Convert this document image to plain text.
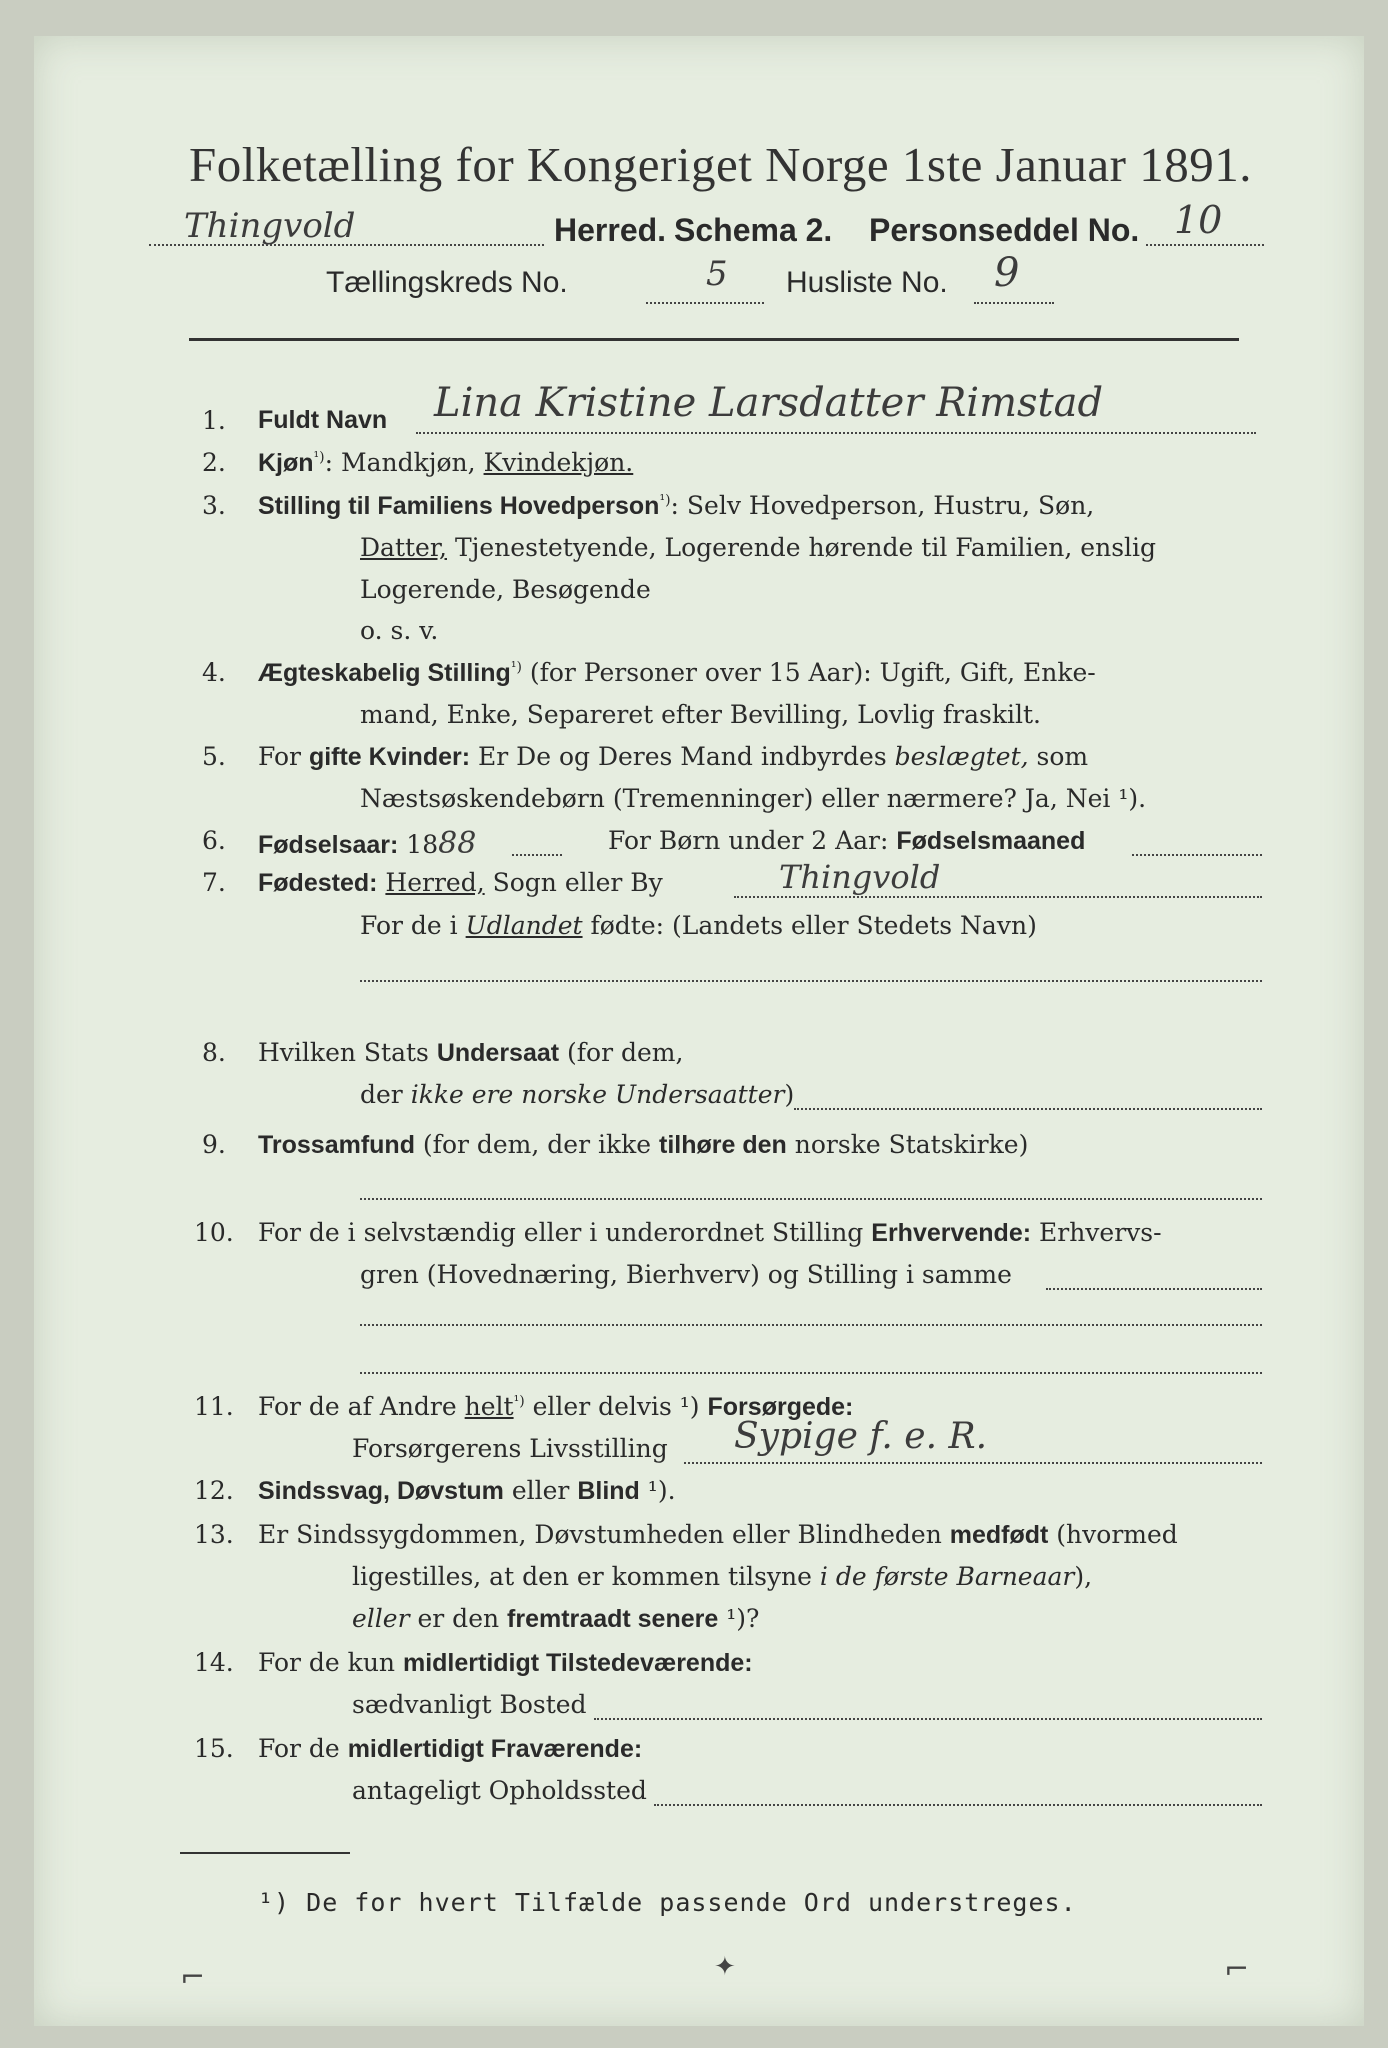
Folketælling for Kongeriget Norge 1ste Januar 1891.
Thingvold	Herred. Schema 2. Personseddel No. 10
Tællingskreds No.	5 Husliste No. 9
1. Fuldt Navn Lina Kristine Larsdatter Rimstad
2. Kjøn$^{^1)}$: Mandkjøn, Kvindekjøn.
3. Stilling til Familiens Hovedperson$^{^1)}$: Selv Hovedperson, Hustru, Søn,
Datter, Tjenestetyende, Logerende hørende til Familien, enslig
Logerende, Besøgende
o. s. v.
4. Ægteskabelig Stilling$^{^1)}$ (for Personer over 15 Aar): Ugift, Gift, Enke-
mand, Enke, Separeret efter Bevilling, Lovlig fraskilt.
5. For gifte Kvinder: Er De og Deres Mand indbyrdes beslægtet, som
Næstsøskendebørn (Tremenninger) eller nærmere? Ja, Nei ¹).
6. Fødselsaar: 1888	For Børn under 2 Aar: Fødselsmaaned
7. Fødested: Herred, Sogn eller By	Thingvold
For de i Udlandet fødte: (Landets eller Stedets Navn)
8. Hvilken Stats Undersaat (for dem,
der ikke ere norske Undersaatter)
9. Trossamfund (for dem, der ikke tilhøre den norske Statskirke)
10. For de i selvstændig eller i underordnet Stilling Erhvervende: Erhvervs-
gren (Hovednæring, Bierhverv) og Stilling i samme
11. For de af Andre helt$^{^1)}$ eller delvis ¹) Forsørgede:
Forsørgerens Livsstilling Sypige f. e. R.
12. Sindssvag, Døvstum eller Blind ¹).
13. Er Sindssygdommen, Døvstumheden eller Blindheden medfødt (hvormed
ligestilles, at den er kommen tilsyne i de første Barneaar),
eller er den fremtraadt senere ¹)?
14. For de kun midlertidigt Tilstedeværende:
sædvanligt Bosted
15. For de midlertidigt Fraværende:
antageligt Opholdssted
¹) De for hvert Tilfælde passende Ord understreges.
⌐	✦	⌐
